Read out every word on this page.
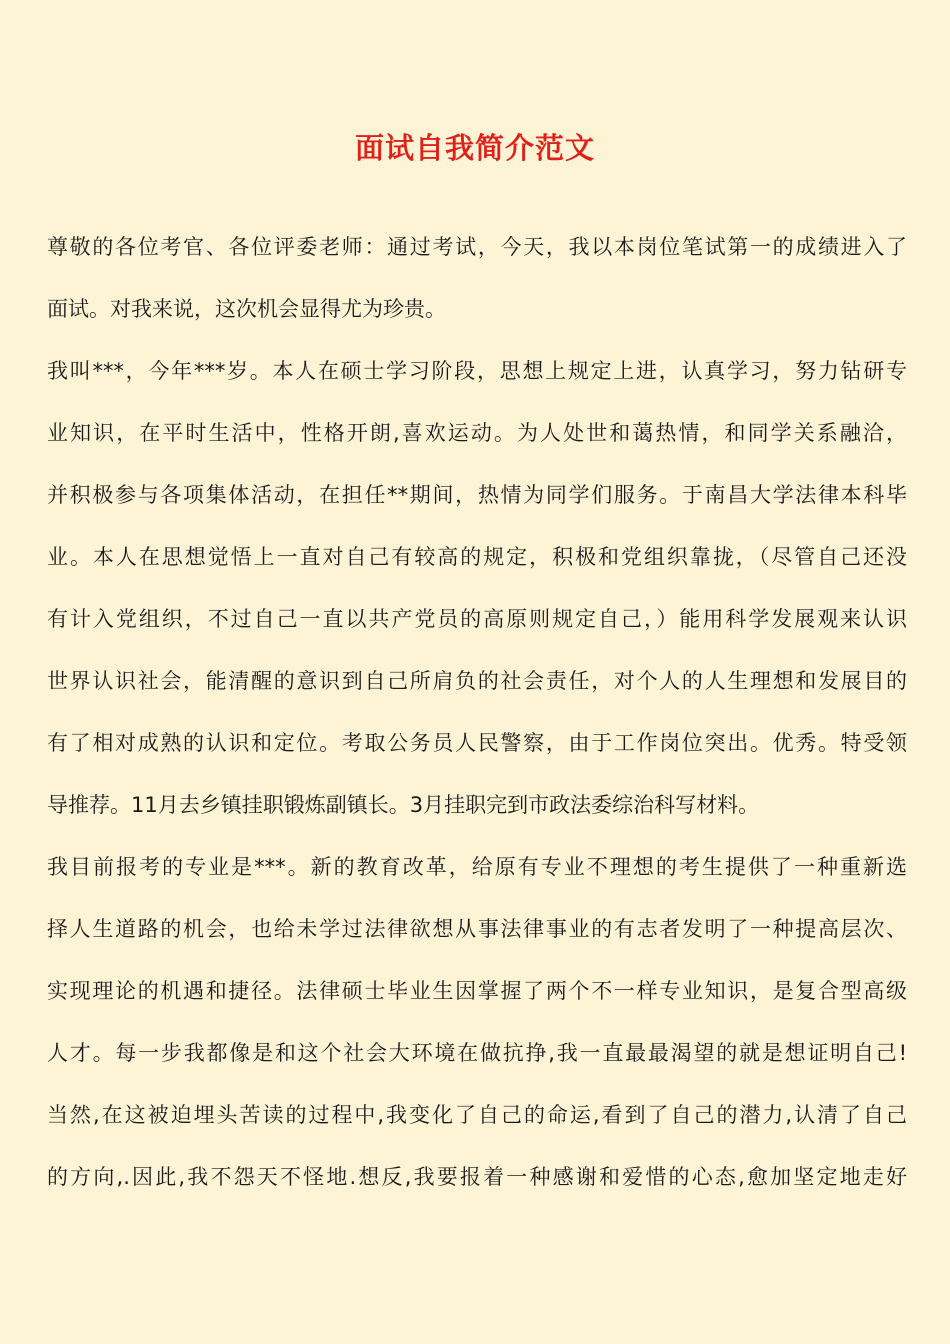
面试自我简介范文
尊敬的各位考官、各位评委老师：通过考试，今天，我以本岗位笔试第一的成绩进入了
面试。对我来说，这次机会显得尤为珍贵。
我叫***，今年***岁。本人在硕士学习阶段，思想上规定上进，认真学习，努力钻研专
业知识，在平时生活中，性格开朗,喜欢运动。为人处世和蔼热情，和同学关系融洽，
并积极参与各项集体活动，在担任**期间，热情为同学们服务。于南昌大学法律本科毕
业。本人在思想觉悟上一直对自己有较高的规定，积极和党组织靠拢，（尽管自己还没
有计入党组织，不过自己一直以共产党员的高原则规定自己，）能用科学发展观来认识
世界认识社会，能清醒的意识到自己所肩负的社会责任，对个人的人生理想和发展目的
有了相对成熟的认识和定位。考取公务员人民警察，由于工作岗位突出。优秀。特受领
导推荐。11月去乡镇挂职锻炼副镇长。3月挂职完到市政法委综治科写材料。
我目前报考的专业是***。新的教育改革，给原有专业不理想的考生提供了一种重新选
择人生道路的机会，也给未学过法律欲想从事法律事业的有志者发明了一种提高层次、
实现理论的机遇和捷径。法律硕士毕业生因掌握了两个不一样专业知识，是复合型高级
人才。每一步我都像是和这个社会大环境在做抗挣,我一直最最渴望的就是想证明自己!
当然,在这被迫埋头苦读的过程中,我变化了自己的命运,看到了自己的潜力,认清了自己
的方向,.因此,我不怨天不怪地.想反,我要报着一种感谢和爱惜的心态,愈加坚定地走好
